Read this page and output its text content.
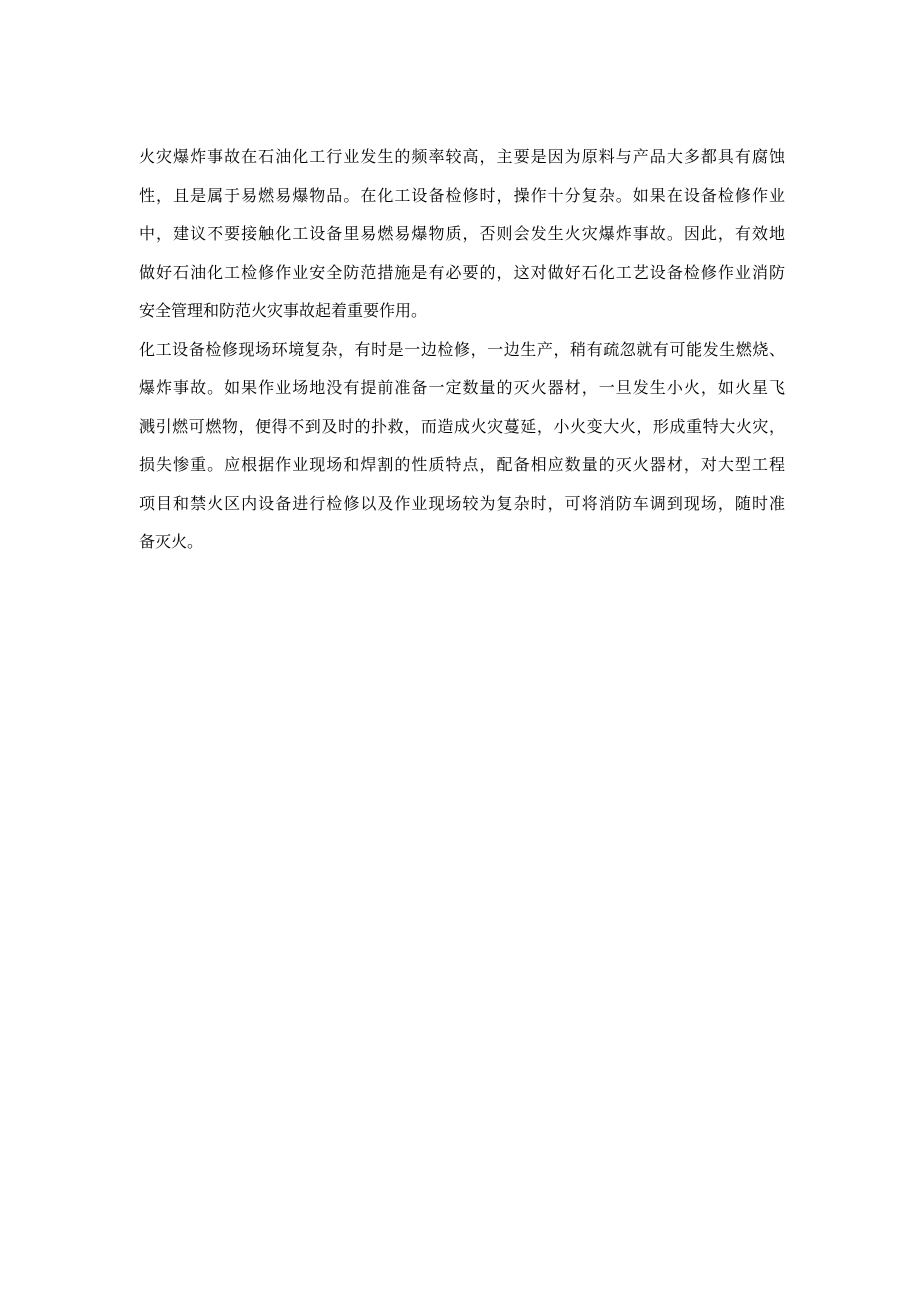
火灾爆炸事故在石油化工行业发生的频率较高，主要是因为原料与产品大多都具有腐蚀
性，且是属于易燃易爆物品。在化工设备检修时，操作十分复杂。如果在设备检修作业
中，建议不要接触化工设备里易燃易爆物质，否则会发生火灾爆炸事故。因此，有效地
做好石油化工检修作业安全防范措施是有必要的，这对做好石化工艺设备检修作业消防
安全管理和防范火灾事故起着重要作用。

化工设备检修现场环境复杂，有时是一边检修，一边生产，稍有疏忽就有可能发生燃烧、
爆炸事故。如果作业场地没有提前准备一定数量的灭火器材，一旦发生小火，如火星飞
溅引燃可燃物，便得不到及时的扑救，而造成火灾蔓延，小火变大火，形成重特大火灾，
损失惨重。应根据作业现场和焊割的性质特点，配备相应数量的灭火器材，对大型工程
项目和禁火区内设备进行检修以及作业现场较为复杂时，可将消防车调到现场，随时准
备灭火。
